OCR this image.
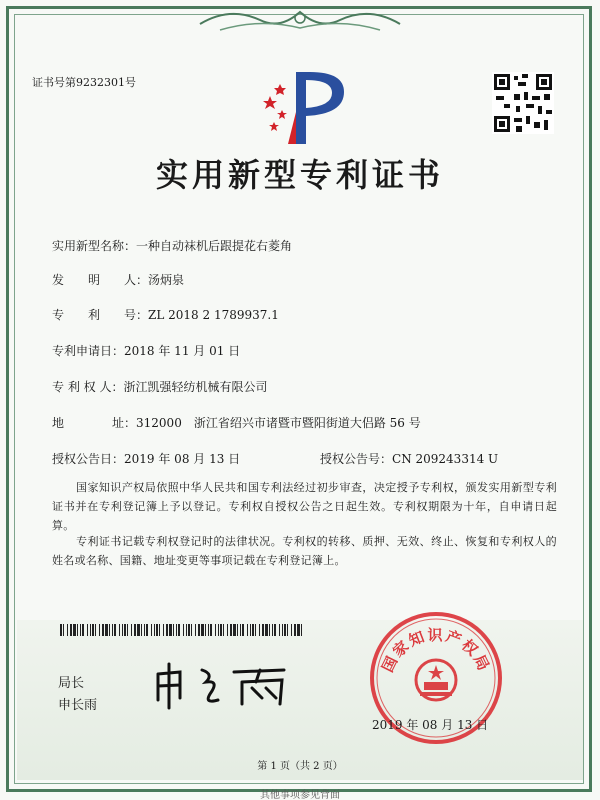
证书号第9232301号
实用新型专利证书
实用新型名称：一种自动袜机后跟提花右菱角
发　　明　　人：汤炳泉
专　　利　　号：ZL 2018 2 1789937.1
专利申请日：2018 年 11 月 01 日
专 利 权 人：浙江凯强轻纺机械有限公司
地　　　　址：312000　浙江省绍兴市诸暨市暨阳街道大侣路 56 号
授权公告日：2019 年 08 月 13 日	授权公告号：CN 209243314 U
国家知识产权局依照中华人民共和国专利法经过初步审查，决定授予专利权，颁发实用新型专利证书并在专利登记簿上予以登记。专利权自授权公告之日起生效。专利权期限为十年，自申请日起算。
专利证书记载专利权登记时的法律状况。专利权的转移、质押、无效、终止、恢复和专利权人的姓名或名称、国籍、地址变更等事项记载在专利登记簿上。
局长
申长雨
国家知识产权局
2019 年 08 月 13 日
第 1 页（共 2 页）
其他事项参见背面
